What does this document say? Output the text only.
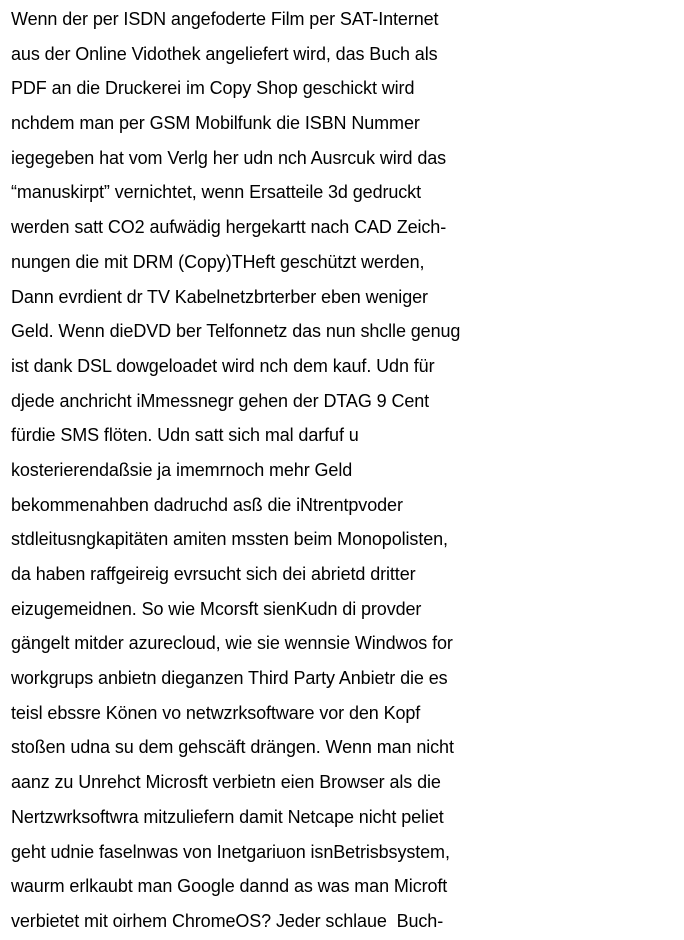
Wenn der per ISDN angefoderte Film per SAT-Internet
aus der Online Vidothek angeliefert wird, das Buch als
PDF an die Druckerei im Copy Shop geschickt wird
nchdem man per GSM Mobilfunk die ISBN Nummer
iegegeben hat vom Verlg her udn nch Ausrcuk wird das
“manuskirpt” vernichtet, wenn Ersatteile 3d gedruckt
werden satt CO2 aufwädig hergekartt nach CAD Zeich-
nungen die mit DRM (Copy)THeft geschützt werden,
Dann evrdient dr TV Kabelnetzbrterber eben weniger
Geld. Wenn dieDVD ber Telfonnetz das nun shclle genug
ist dank DSL dowgeloadet wird nch dem kauf. Udn für
djede anchricht iMmessnegr gehen der DTAG 9 Cent
fürdie SMS flöten. Udn satt sich mal darfuf u
kosterierendaßsie ja imemrnoch mehr Geld
bekommenahben dadruchd asß die iNtrentpvoder
stdleitusngkapitäten amiten mssten beim Monopolisten,
da haben raffgeireig evrsucht sich dei abrietd dritter
eizugemeidnen. So wie Mcorsft sienKudn di provder
gängelt mitder azurecloud, wie sie wennsie Windwos for
workgrups anbietn dieganzen Third Party Anbietr die es
teisl ebssre Könen vo netwzrksoftware vor den Kopf
stoßen udna su dem gehscäft drängen. Wenn man nicht
aanz zu Unrehct Microsft verbietn eien Browser als die
Nertzwrksoftwra mitzuliefern damit Netcape nicht peliet
geht udnie faselnwas von Inetgariuon isnBetrisbsystem,
waurm erlkaubt man Google dannd as was man Microft
verbietet mit oirhem ChromeOS? Jeder schlaue  Buch-
